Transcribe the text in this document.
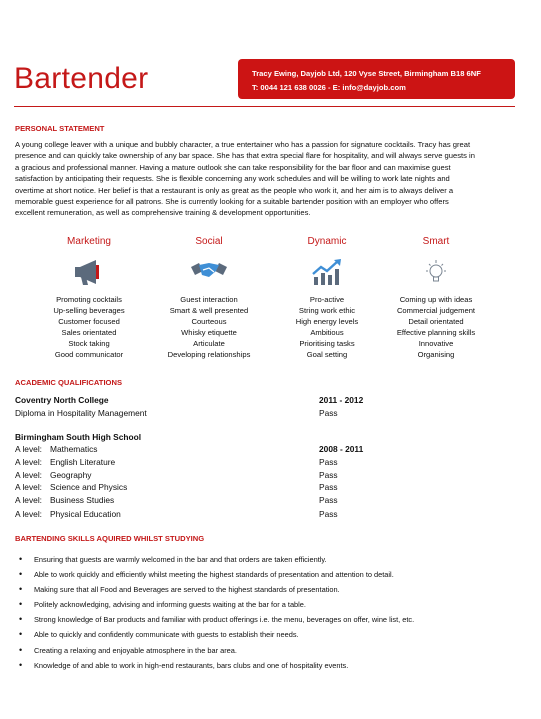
Bartender	Tracy Ewing, Dayjob Ltd, 120 Vyse Street, Birmingham B18 6NF
T: 0044 121 638 0026 - E: info@dayjob.com
PERSONAL STATEMENT
A young college leaver with a unique and bubbly character, a true entertainer who has a passion for signature cocktails. Tracy has great
presence and can quickly take ownership of any bar space. She has that extra special flare for hospitality, and will always serve guests in
a gracious and professional manner. Having a mature outlook she can take responsibility for the bar floor and can maximise guest
satisfaction by anticipating their requests. She is flexible concerning any work schedules and will be willing to work late nights and
overtime at short notice. Her belief is that a restaurant is only as great as the people who work it, and her aim is to always deliver a
memorable guest experience for all patrons. She is currently looking for a suitable bartender position with an employer who offers
excellent remuneration, as well as comprehensive training & development opportunities.
Marketing
Promoting cocktails
Up-selling beverages
Customer focused
Sales orientated
Stock taking
Good communicator
Social
Guest interaction
Smart & well presented
Courteous
Whisky etiquette
Articulate
Developing relationships
Dynamic
Pro-active
String work ethic
High energy levels
Ambitious
Prioritising tasks
Goal setting
Smart
Coming up with ideas
Commercial judgement
Detail orientated
Effective planning skills
Innovative
Organising
ACADEMIC QUALIFICATIONS
Coventry North College	2011 - 2012
Diploma in Hospitality Management	Pass
Birmingham South High School
2008 - 2011
A level: Mathematics
A level: English Literature	Pass
A level: Geography	Pass
A level: Science and Physics	Pass
A level: Business Studies	Pass
A level: Physical Education	Pass
BARTENDING SKILLS AQUIRED WHILST STUDYING
• Ensuring that guests are warmly welcomed in the bar and that orders are taken efficiently.
• Able to work quickly and efficiently whilst meeting the highest standards of presentation and attention to detail.
• Making sure that all Food and Beverages are served to the highest standards of presentation.
• Politely acknowledging, advising and informing guests waiting at the bar for a table.
• Strong knowledge of Bar products and familiar with product offerings i.e. the menu, beverages on offer, wine list, etc.
• Able to quickly and confidently communicate with guests to establish their needs.
• Creating a relaxing and enjoyable atmosphere in the bar area.
• Knowledge of and able to work in high-end restaurants, bars clubs and one of hospitality events.
